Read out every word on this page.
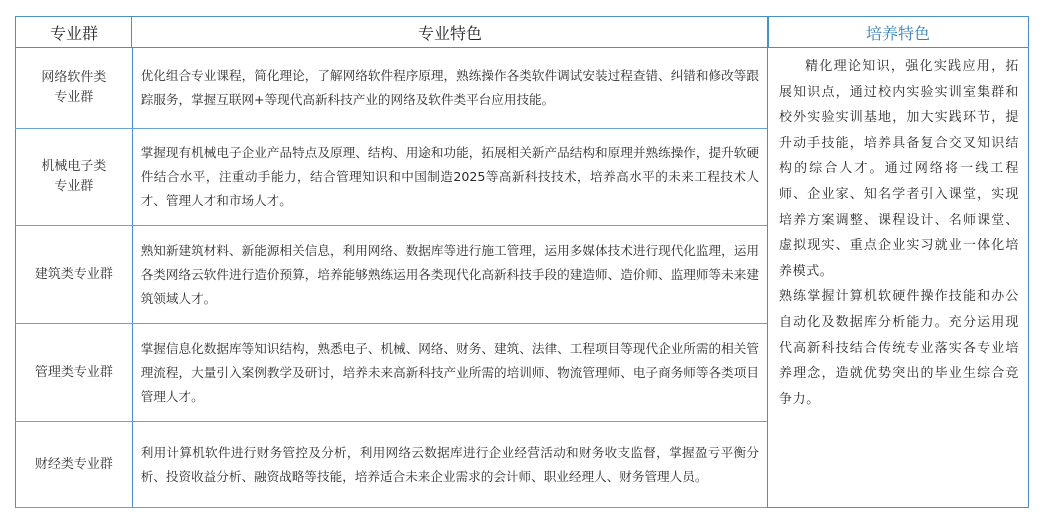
专业群	专业特色	培养特色
网络软件类
专业群

优化组合专业课程，简化理论，了解网络软件程序原理，熟练操作各类软件调试安装过程查错、纠错和修改等跟踪服务，掌握互联网+等现代高新科技产业的网络及软件类平台应用技能。

机械电子类
专业群

掌握现有机械电子企业产品特点及原理、结构、用途和功能，拓展相关新产品结构和原理并熟练操作，提升软硬件结合水平，注重动手能力，结合管理知识和中国制造2025等高新科技技术，培养高水平的未来工程技术人才、管理人才和市场人才。

建筑类专业群

熟知新建筑材料、新能源相关信息，利用网络、数据库等进行施工管理，运用多媒体技术进行现代化监理，运用各类网络云软件进行造价预算，培养能够熟练运用各类现代化高新科技手段的建造师、造价师、监理师等未来建筑领域人才。

管理类专业群

掌握信息化数据库等知识结构，熟悉电子、机械、网络、财务、建筑、法律、工程项目等现代企业所需的相关管理流程，大量引入案例教学及研讨，培养未来高新科技产业所需的培训师、物流管理师、电子商务师等各类项目管理人才。

财经类专业群

利用计算机软件进行财务管控及分析，利用网络云数据库进行企业经营活动和财务收支监督，掌握盈亏平衡分析、投资收益分析、融资战略等技能，培养适合未来企业需求的会计师、职业经理人、财务管理人员。

精化理论知识，强化实践应用，拓展知识点，通过校内实验实训室集群和校外实验实训基地，加大实践环节，提升动手技能，培养具备复合交叉知识结构的综合人才。通过网络将一线工程师、企业家、知名学者引入课堂，实现培养方案调整、课程设计、名师课堂、虚拟现实、重点企业实习就业一体化培养模式。

熟练掌握计算机软硬件操作技能和办公自动化及数据库分析能力。充分运用现代高新科技结合传统专业落实各专业培养理念，造就优势突出的毕业生综合竞争力。
